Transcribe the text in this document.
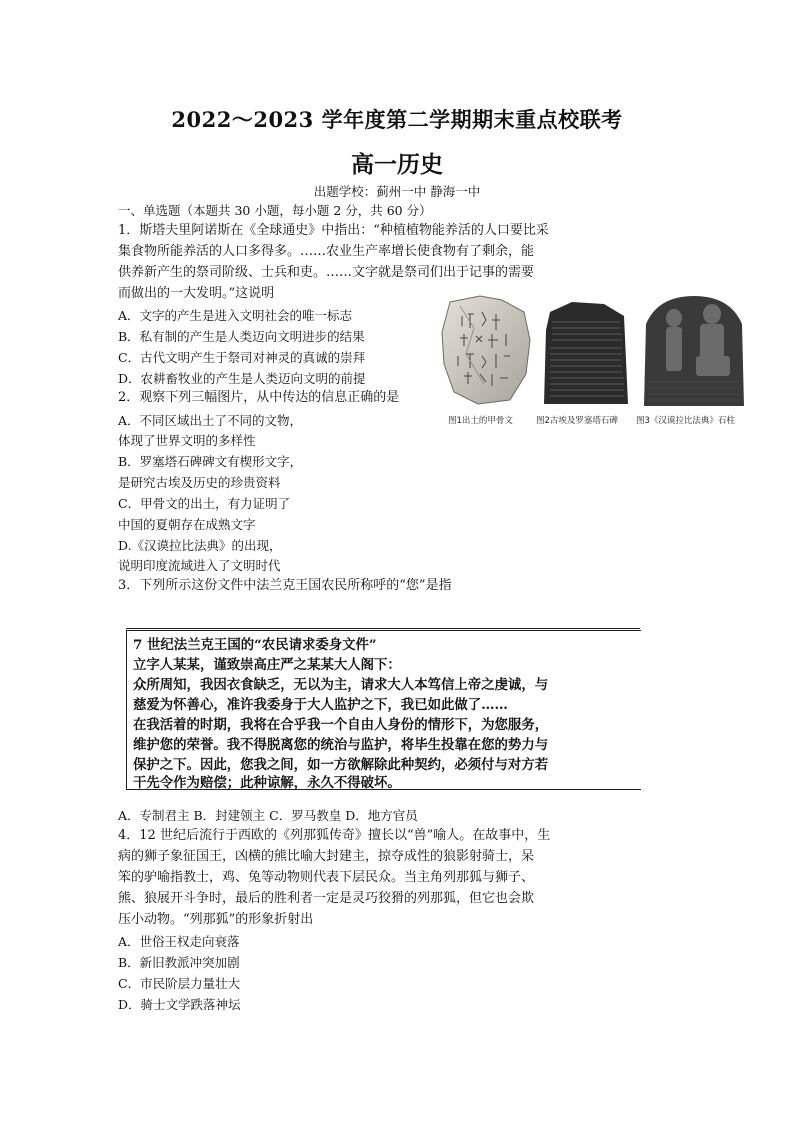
2022～2023 学年度第二学期期末重点校联考
高一历史
出题学校：蓟州一中 静海一中
一、单选题（本题共 30 小题，每小题 2 分，共 60 分）
1．斯塔夫里阿诺斯在《全球通史》中指出：“种植植物能养活的人口要比采
集食物所能养活的人口多得多。……农业生产率增长使食物有了剩余，能
供养新产生的祭司阶级、士兵和吏。……文字就是祭司们出于记事的需要
而做出的一大发明。”这说明
A．文字的产生是进入文明社会的唯一标志
B．私有制的产生是人类迈向文明进步的结果
C．古代文明产生于祭司对神灵的真诚的崇拜
D．农耕畜牧业的产生是人类迈向文明的前提
2．观察下列三幅图片，从中传达的信息正确的是
A．不同区域出土了不同的文物，
体现了世界文明的多样性
B．罗塞塔石碑碑文有楔形文字，
是研究古埃及历史的珍贵资料
C．甲骨文的出土，有力证明了
中国的夏朝存在成熟文字
D.《汉谟拉比法典》的出现，
说明印度流域进入了文明时代
图1出土的甲骨文	图2古埃及罗塞塔石碑 图3《汉谟拉比法典》石柱
3．下列所示这份文件中法兰克王国农民所称呼的“您”是指
7 世纪法兰克王国的“农民请求委身文件”
立字人某某，谨致崇高庄严之某某大人阁下：
众所周知，我因衣食缺乏，无以为主，请求大人本笃信上帝之虔诚，与
慈爱为怀善心，准许我委身于大人监护之下，我已如此做了……
在我活着的时期，我将在合乎我一个自由人身份的情形下，为您服务，
维护您的荣誉。我不得脱离您的统治与监护，将毕生投靠在您的势力与
保护之下。因此，您我之间，如一方欲解除此种契约，必须付与对方若
干先令作为赔偿；此种谅解，永久不得破坏。
A．专制君主 B．封建领主 C．罗马教皇 D．地方官员
4．12 世纪后流行于西欧的《列那狐传奇》擅长以“兽”喻人。在故事中，生
病的狮子象征国王，凶横的熊比喻大封建主，掠夺成性的狼影射骑士，呆
笨的驴喻指教士，鸡、兔等动物则代表下层民众。当主角列那狐与狮子、
熊、狼展开斗争时，最后的胜利者一定是灵巧狡猾的列那狐，但它也会欺
压小动物。“列那狐”的形象折射出
A．世俗王权走向衰落
B．新旧教派冲突加剧
C．市民阶层力量壮大
D．骑士文学跌落神坛
